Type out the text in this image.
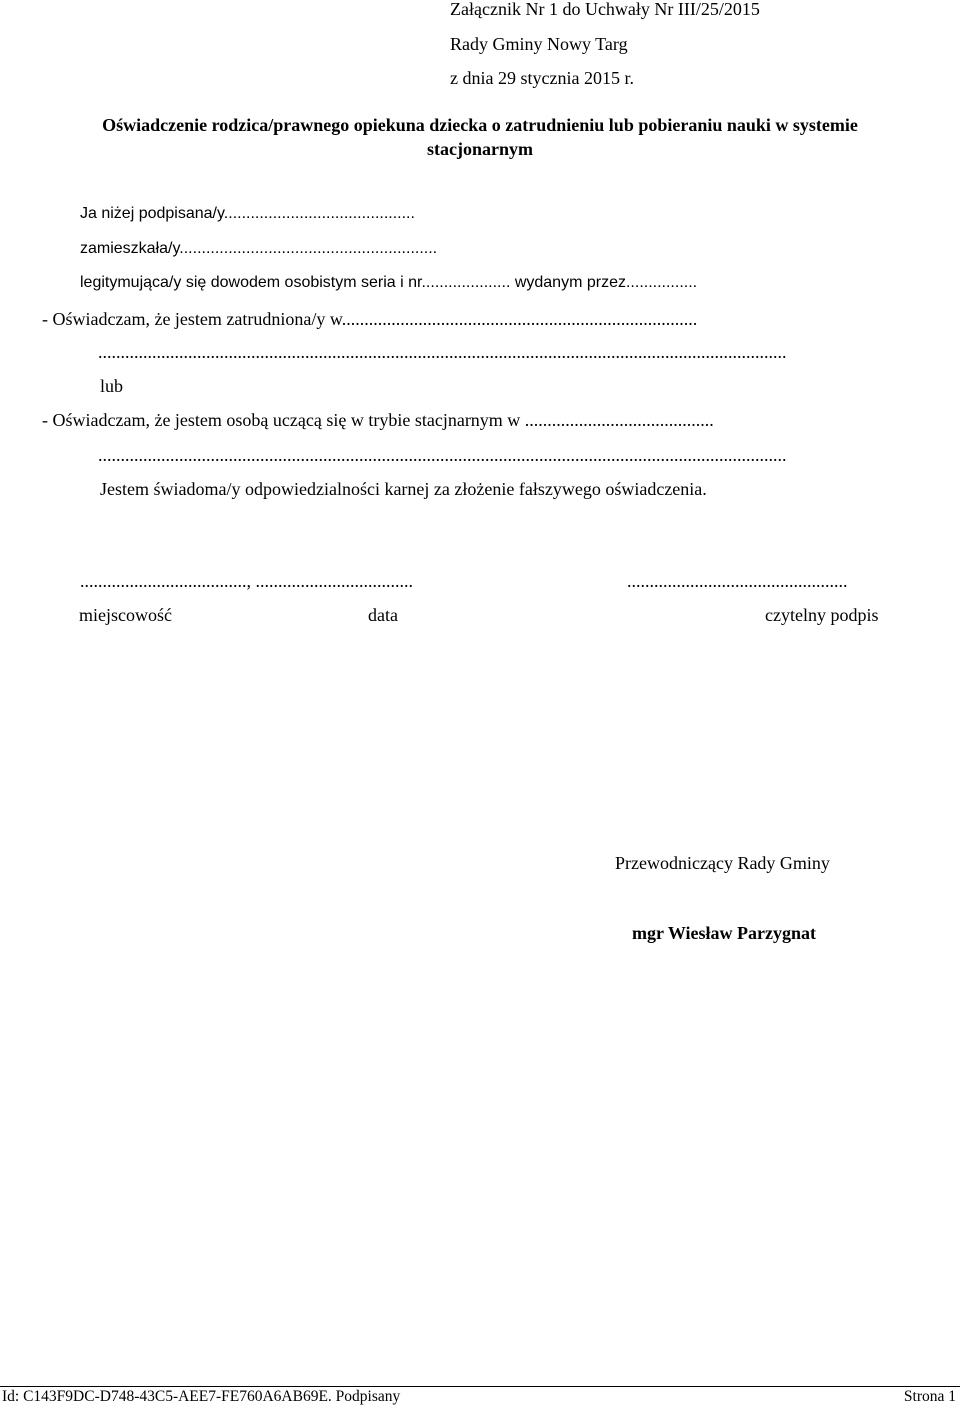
Załącznik Nr 1 do Uchwały Nr III/25/2015
Rady Gminy Nowy Targ
z dnia 29 stycznia 2015 r.
Oświadczenie rodzica/prawnego opiekuna dziecka o zatrudnieniu lub pobieraniu nauki w systemie
stacjonarnym
Ja niżej podpisana/y...........................................
zamieszkała/y..........................................................
legitymująca/y się dowodem osobistym seria i nr.................... wydanym przez................
- Oświadczam, że jestem zatrudniona/y w...............................................................................
.........................................................................................................................................................
lub
- Oświadczam, że jestem osobą uczącą się w trybie stacjnarnym w ..........................................
.........................................................................................................................................................
Jestem świadoma/y odpowiedzialności karnej za złożenie fałszywego oświadczenia.
....................................., ...................................	.................................................
miejscowość	data	czytelny podpis
Przewodniczący Rady Gminy
mgr Wiesław Parzygnat
Id: C143F9DC-D748-43C5-AEE7-FE760A6AB69E. Podpisany	Strona 1
